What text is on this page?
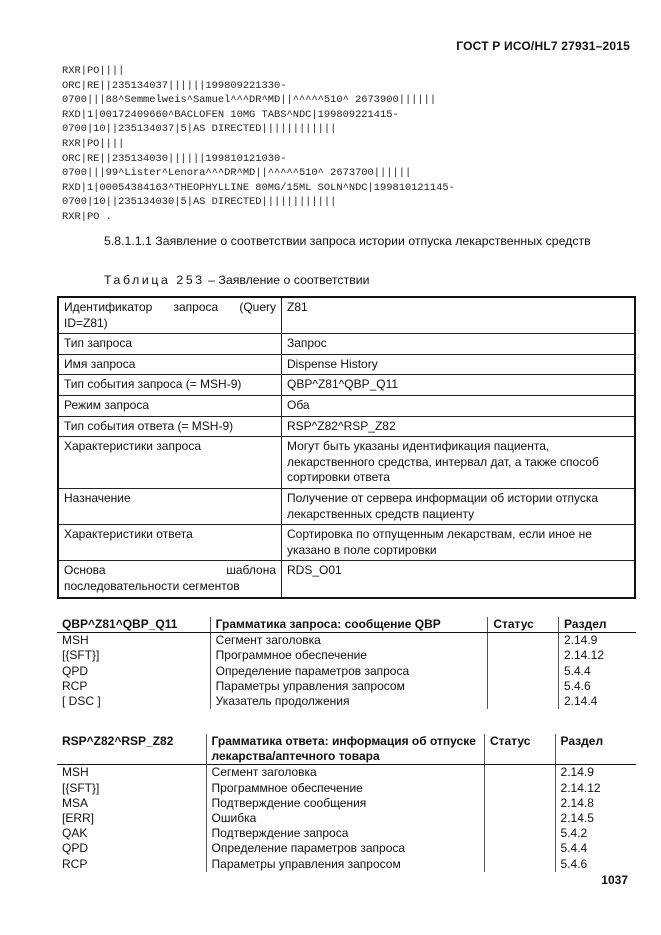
ГОСТ Р ИСО/HL7 27931–2015
RXR|PO||||
ORC|RE||235134037||||||199809221330-
0700|||88^Semmelweis^Samuel^^^DR^MD||^^^^^510^ 2673900||||||
RXD|1|00172409660^BACLOFEN 10MG TABS^NDC|199809221415-
0700|10||235134037|5|AS DIRECTED||||||||||||
RXR|PO||||
ORC|RE||235134030||||||199810121030-
0700|||99^Lister^Lenora^^^DR^MD||^^^^^510^ 2673700||||||
RXD|1|00054384163^THEOPHYLLINE 80MG/15ML SOLN^NDC|199810121145-
0700|10||235134030|5|AS DIRECTED||||||||||||
RXR|PO .
5.8.1.1.1 Заявление о соответствии запроса истории отпуска лекарственных средств
Таблица 253 – Заявление о соответствии
Идентификатор запроса (Query ID=Z81)	Z81
Тип запроса	Запрос
Имя запроса	Dispense History
Тип события запроса (= MSH-9)	QBP^Z81^QBP_Q11
Режим запроса	Оба
Тип события ответа (= MSH-9)	RSP^Z82^RSP_Z82
Характеристики запроса	Могут быть указаны идентификация пациента, лекарственного средства, интервал дат, а также способ сортировки ответа
Назначение	Получение от сервера информации об истории отпуска лекарственных средств пациенту
Характеристики ответа	Сортировка по отпущенным лекарствам, если иное не указано в поле сортировки
Основа шаблона последовательности сегментов	RDS_O01
QBP^Z81^QBP_Q11	Грамматика запроса: сообщение QBP	Статус	Раздел
MSH	Сегмент заголовка		2.14.9
[{SFT}]	Программное обеспечение		2.14.12
QPD	Определение параметров запроса		5.4.4
RCP	Параметры управления запросом		5.4.6
[ DSC ]	Указатель продолжения		2.14.4
RSP^Z82^RSP_Z82	Грамматика ответа: информация об отпуске лекарства/аптечного товара	Статус	Раздел
MSH	Сегмент заголовка		2.14.9
[{SFT}]	Программное обеспечение		2.14.12
MSA	Подтверждение сообщения		2.14.8
[ERR]	Ошибка		2.14.5
QAK	Подтверждение запроса		5.4.2
QPD	Определение параметров запроса		5.4.4
RCP	Параметры управления запросом		5.4.6
1037
